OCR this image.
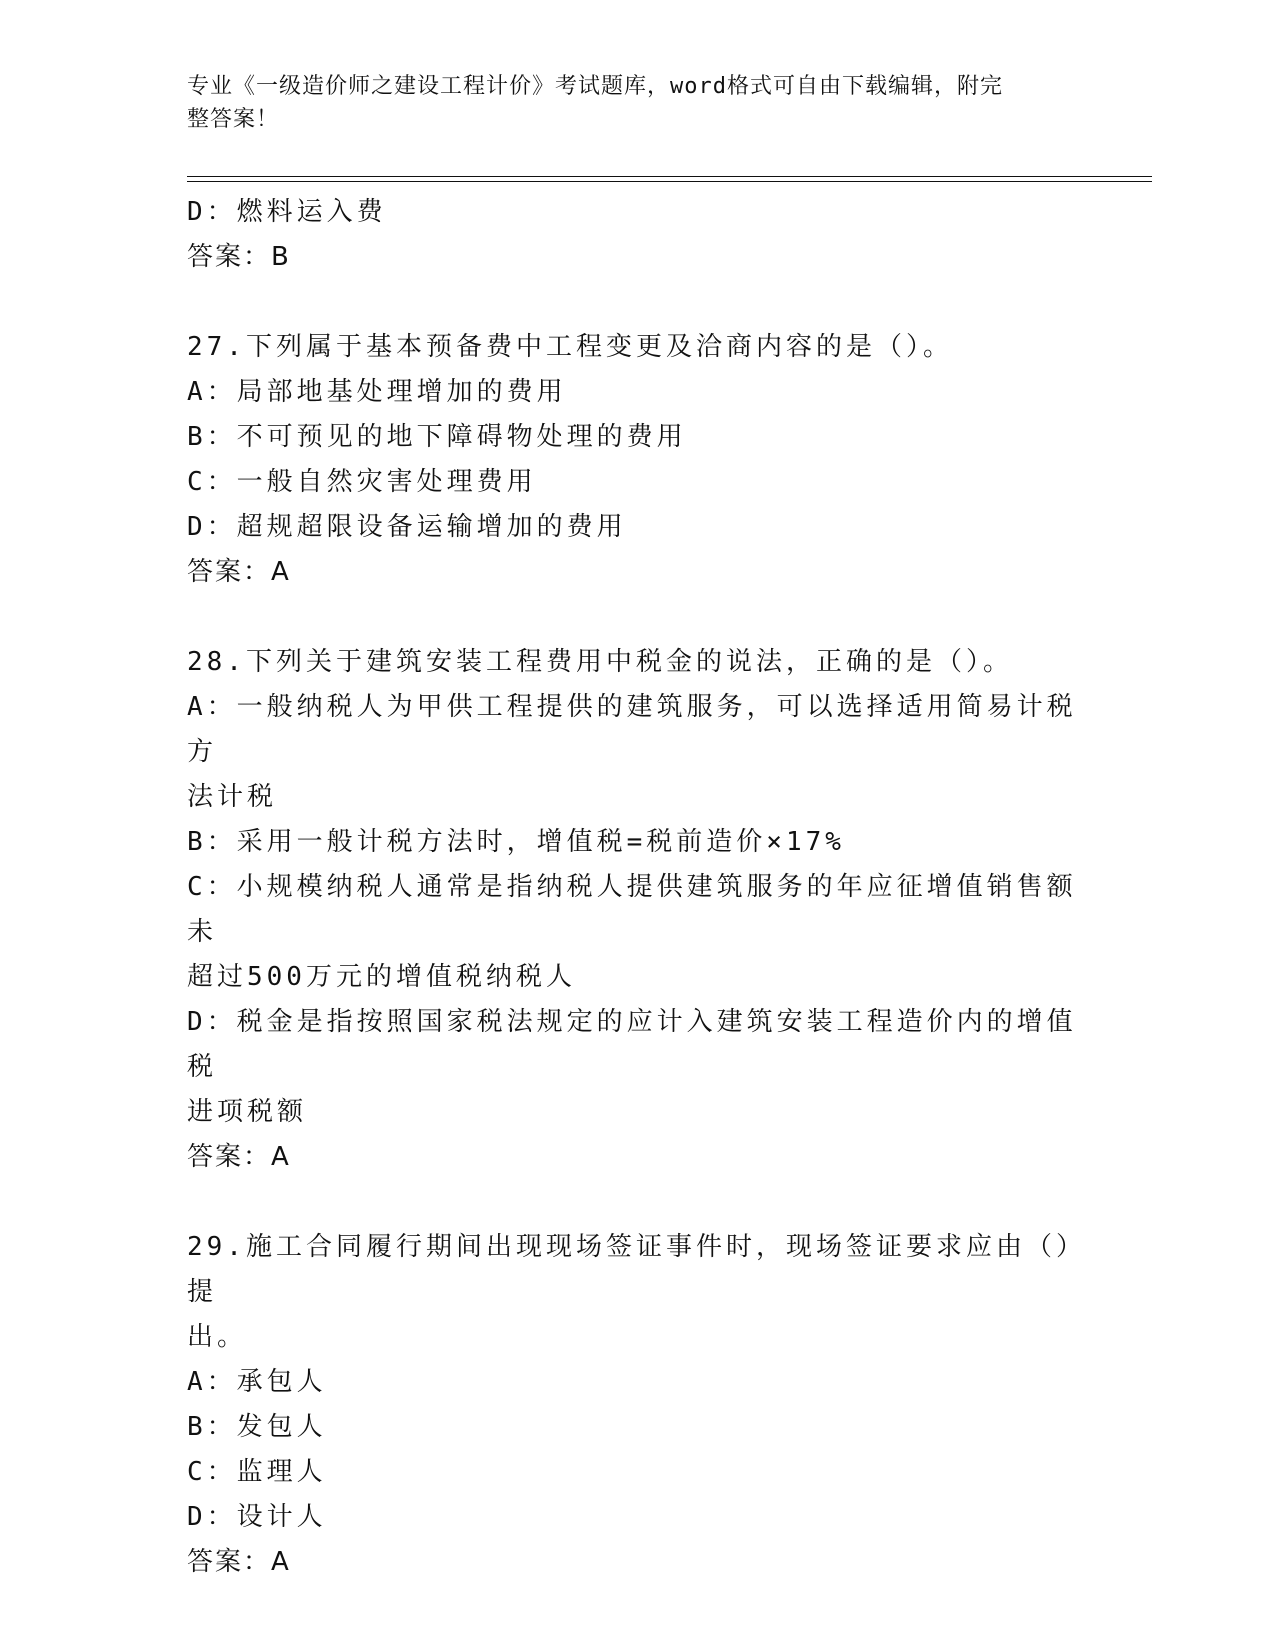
专业《一级造价师之建设工程计价》考试题库，word格式可自由下载编辑，附完
整答案！
D：燃料运入费
答案：B
27.下列属于基本预备费中工程变更及洽商内容的是（）。
A：局部地基处理增加的费用
B：不可预见的地下障碍物处理的费用
C：一般自然灾害处理费用
D：超规超限设备运输增加的费用
答案：A
28.下列关于建筑安装工程费用中税金的说法，正确的是（）。
A：一般纳税人为甲供工程提供的建筑服务，可以选择适用简易计税方
法计税
B：采用一般计税方法时，增值税=税前造价×17%
C：小规模纳税人通常是指纳税人提供建筑服务的年应征增值销售额未
超过500万元的增值税纳税人
D：税金是指按照国家税法规定的应计入建筑安装工程造价内的增值税
进项税额
答案：A
29.施工合同履行期间出现现场签证事件时，现场签证要求应由（）提
出。
A：承包人
B：发包人
C：监理人
D：设计人
答案：A
